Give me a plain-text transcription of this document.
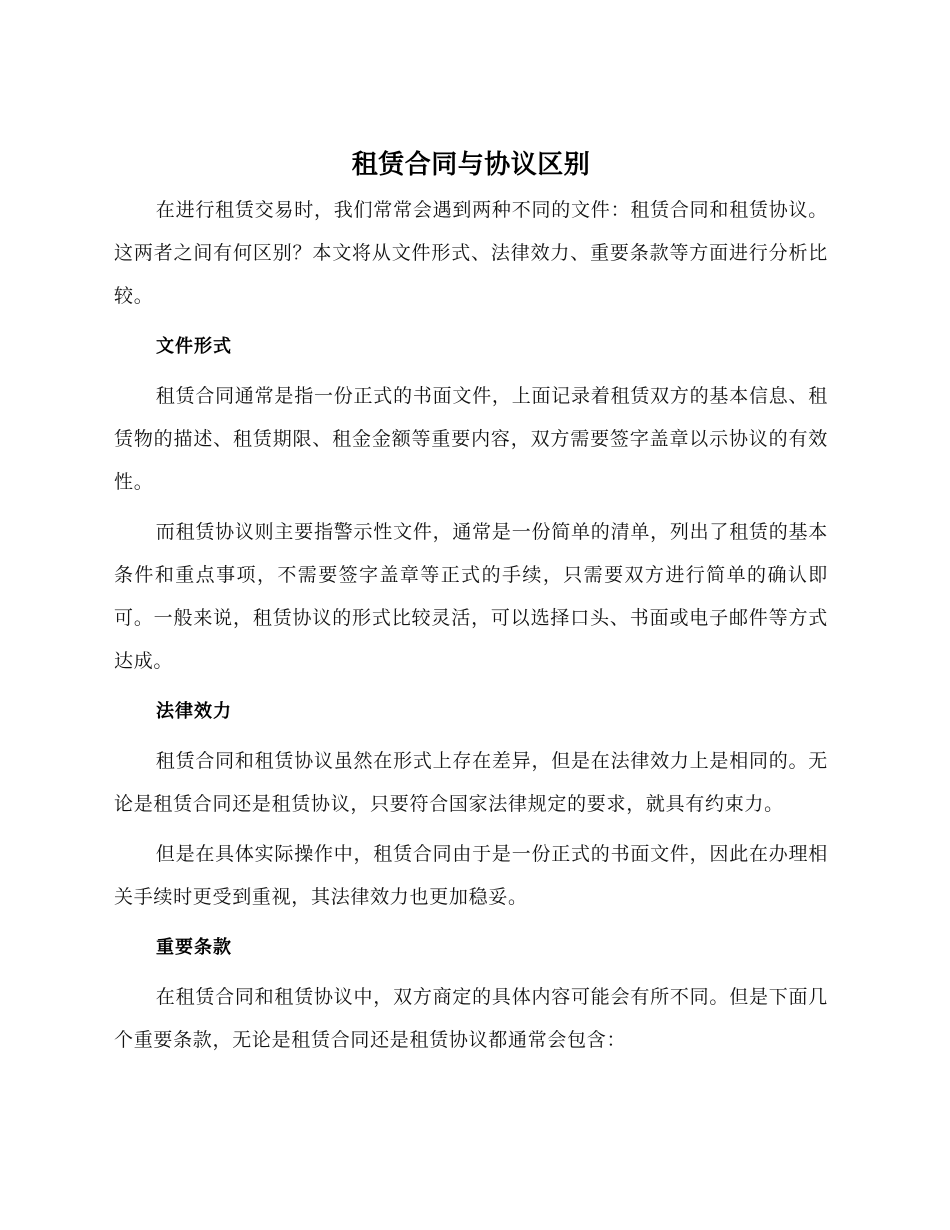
租赁合同与协议区别

在进行租赁交易时，我们常常会遇到两种不同的文件：租赁合同和租赁协议。这两者之间有何区别？本文将从文件形式、法律效力、重要条款等方面进行分析比较。

文件形式

租赁合同通常是指一份正式的书面文件，上面记录着租赁双方的基本信息、租赁物的描述、租赁期限、租金金额等重要内容，双方需要签字盖章以示协议的有效性。

而租赁协议则主要指警示性文件，通常是一份简单的清单，列出了租赁的基本条件和重点事项，不需要签字盖章等正式的手续，只需要双方进行简单的确认即可。一般来说，租赁协议的形式比较灵活，可以选择口头、书面或电子邮件等方式达成。

法律效力

租赁合同和租赁协议虽然在形式上存在差异，但是在法律效力上是相同的。无论是租赁合同还是租赁协议，只要符合国家法律规定的要求，就具有约束力。

但是在具体实际操作中，租赁合同由于是一份正式的书面文件，因此在办理相关手续时更受到重视，其法律效力也更加稳妥。

重要条款

在租赁合同和租赁协议中，双方商定的具体内容可能会有所不同。但是下面几个重要条款，无论是租赁合同还是租赁协议都通常会包含：
